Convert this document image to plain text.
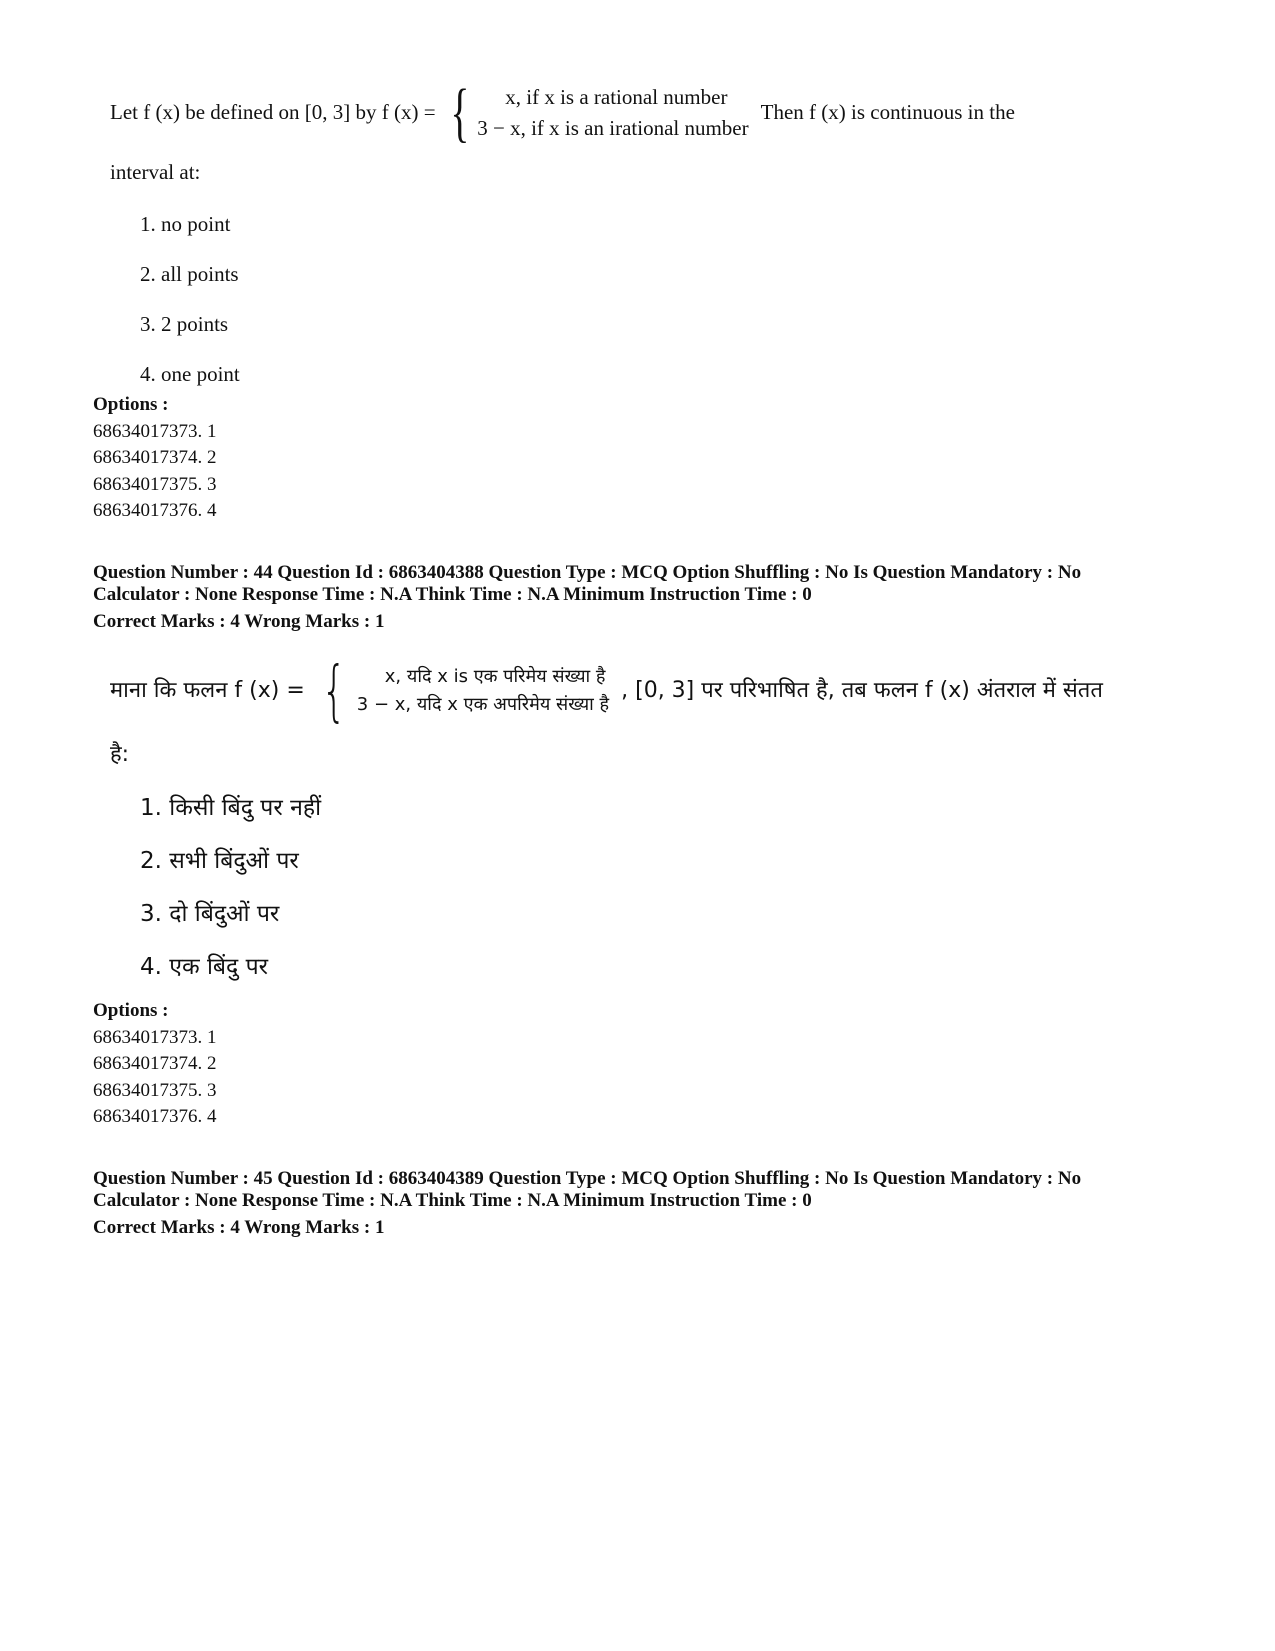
Let f (x) be defined on [0, 3] by f (x) = {	x, if x is a rational number
3 − x, if x is an irational number
Then f (x) is continuous in the
interval at:
1. no point
2. all points
3. 2 points
4. one point
Options :
68634017373. 1
68634017374. 2
68634017375. 3
68634017376. 4
Question Number : 44 Question Id : 6863404388 Question Type : MCQ Option Shuffling : No Is Question Mandatory : No
Calculator : None Response Time : N.A Think Time : N.A Minimum Instruction Time : 0
Correct Marks : 4 Wrong Marks : 1
माना कि फलन f (x) = {	x, यदि x is एक परिमेय संख्या है
3 − x, यदि x एक अपरिमेय संख्या है
, [0, 3] पर परिभाषित है, तब फलन f (x) अंतराल में संतत
है:
1. किसी बिंदु पर नहीं
2. सभी बिंदुओं पर
3. दो बिंदुओं पर
4. एक बिंदु पर
Options :
68634017373. 1
68634017374. 2
68634017375. 3
68634017376. 4
Question Number : 45 Question Id : 6863404389 Question Type : MCQ Option Shuffling : No Is Question Mandatory : No
Calculator : None Response Time : N.A Think Time : N.A Minimum Instruction Time : 0
Correct Marks : 4 Wrong Marks : 1
